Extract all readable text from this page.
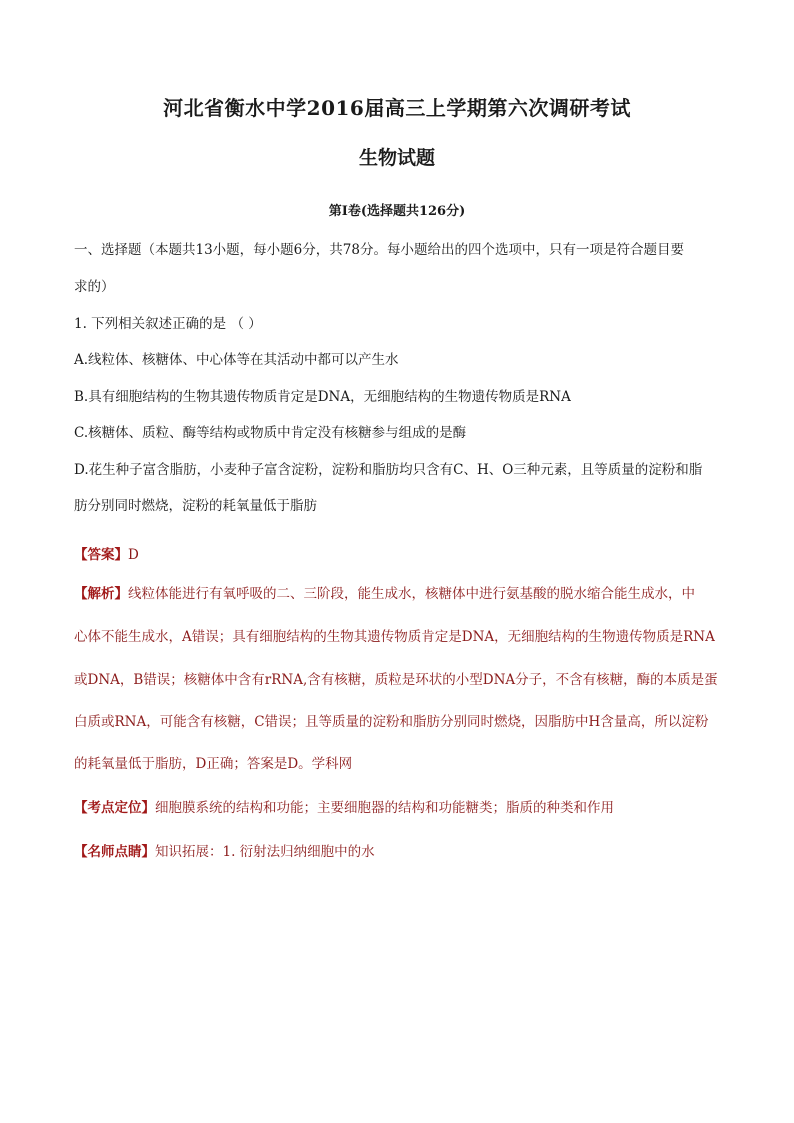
河北省衡水中学2016届高三上学期第六次调研考试
生物试题
第I卷(选择题共126分)
一、选择题（本题共13小题，每小题6分，共78分。每小题给出的四个选项中，只有一项是符合题目要
求的）
1. 下列相关叙述正确的是 （ ）
A.线粒体、核糖体、中心体等在其活动中都可以产生水
B.具有细胞结构的生物其遗传物质肯定是DNA，无细胞结构的生物遗传物质是RNA
C.核糖体、质粒、酶等结构或物质中肯定没有核糖参与组成的是酶
D.花生种子富含脂肪，小麦种子富含淀粉，淀粉和脂肪均只含有C、H、O三种元素，且等质量的淀粉和脂
肪分别同时燃烧，淀粉的耗氧量低于脂肪
【答案】D
【解析】线粒体能进行有氧呼吸的二、三阶段，能生成水，核糖体中进行氨基酸的脱水缩合能生成水，中
心体不能生成水，A错误；具有细胞结构的生物其遗传物质肯定是DNA，无细胞结构的生物遗传物质是RNA
或DNA，B错误；核糖体中含有rRNA,含有核糖，质粒是环状的小型DNA分子，不含有核糖，酶的本质是蛋
白质或RNA，可能含有核糖，C错误；且等质量的淀粉和脂肪分别同时燃烧，因脂肪中H含量高，所以淀粉
的耗氧量低于脂肪，D正确；答案是D。学科网
【考点定位】细胞膜系统的结构和功能；主要细胞器的结构和功能糖类；脂质的种类和作用
【名师点睛】知识拓展：1. 衍射法归纳细胞中的水
